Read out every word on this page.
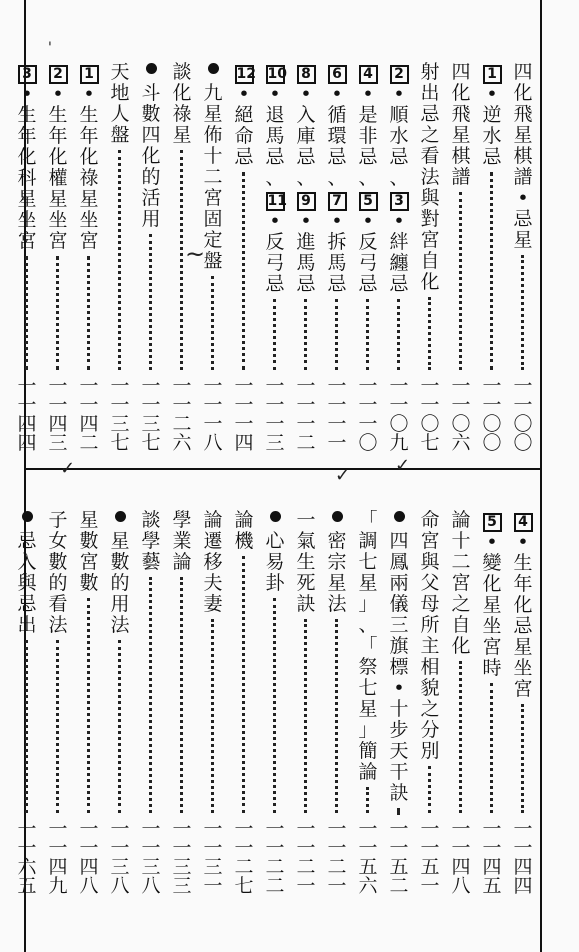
四
化
飛
星
棋
譜
•
忌
星
一
一
〇
〇
1
•
逆
水
忌
一
一
〇
〇
四
化
飛
星
棋
譜
一
一
〇
六
射
出
忌
之
看
法
與
對
宮
自
化
一
一
〇
七
2
•
順
水
忌
、
3
•
絆
纏
忌
一
一
〇
九
4
•
是
非
忌
、
5
•
反
弓
忌
一
一
一
〇
6
•
循
環
忌
、
7
•
拆
馬
忌
一
一
一
一
8
•
入
庫
忌
、
9
•
進
馬
忌
一
一
一
二
10
•
退
馬
忌
、
11
•
反
弓
忌
一
一
一
三
12
•
絕
命
忌
一
一
一
四
九
星
佈
十
二
宮
固
定
盤
一
一
一
八
談
化
祿
星
一
一
二
六
斗
數
四
化
的
活
用
一
一
三
七
天
地
人
盤
一
一
三
七
1
•
生
年
化
祿
星
坐
宮
一
一
四
二
2
•
生
年
化
權
星
坐
宮
一
一
四
三
3
•
生
年
化
科
星
坐
宮
一
一
四
四
4
•
生
年
化
忌
星
坐
宮
一
一
四
四
5
•
變
化
星
坐
宮
時
一
一
四
五
論
十
二
宮
之
自
化
一
一
四
八
命
宮
與
父
母
所
主
相
貌
之
分
別
一
一
五
一
四
鳳
兩
儀
三
旗
標
•
十
步
天
干
訣
一
一
五
二
「
調
七
星
」
、
「
祭
七
星
」
簡
論
一
一
五
六
密
宗
星
法
一
一
二
一
一
氣
生
死
訣
一
一
二
一
心
易
卦
一
一
二
二
論
機
一
一
二
七
論
遷
移
夫
妻
一
一
三
一
學
業
論
一
一
三
三
談
學
藝
一
一
三
八
星
數
的
用
法
一
一
三
八
星
數
宮
數
一
一
四
八
子
女
數
的
看
法
一
一
四
九
忌
入
與
忌
出
一
一
六
五
'
~
✓ ✓
✓
